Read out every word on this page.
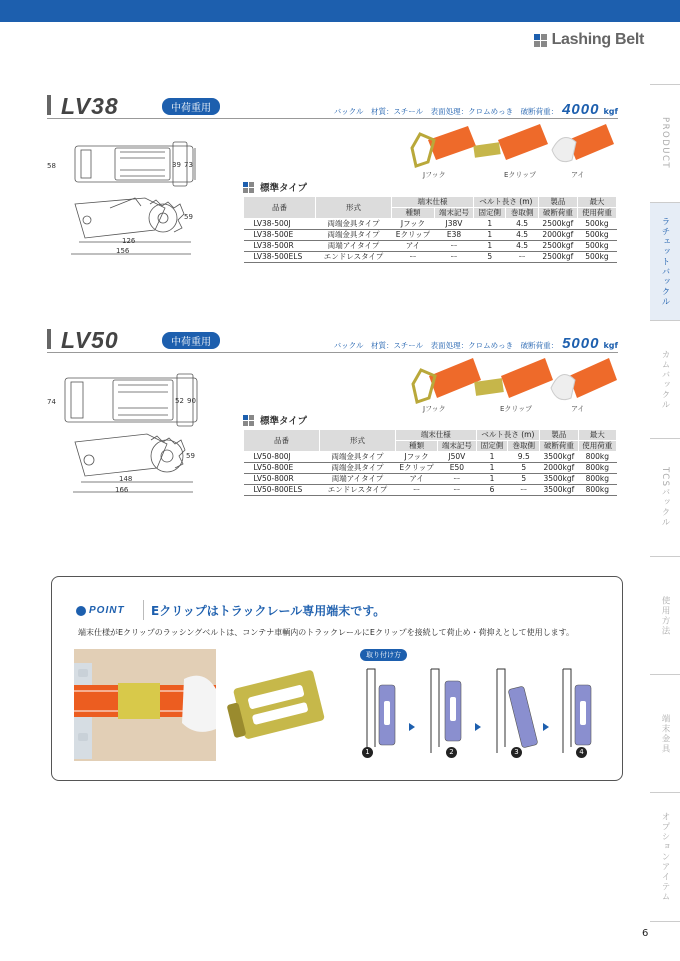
Lashing Belt
PRODUCT
ラチェットバックル
カムバックル
TCSバックル
使用方法
端末金具
オプションアイテム
LV38	中荷重用	バックル　材質：スチール　表面処理：クロムめっき　破断荷重： 4000 kgf
58	39 73
59
126
156
Jフック	Eクリップ	アイ
標準タイプ
品番	形式	端末仕様		ベルト長さ (m)		製品	最大
		種類	端末記号	固定側	巻取側	破断荷重	使用荷重
LV38-500J	両端金具タイプ	Jフック	J38V	1	4.5	2500kgf	500kg
LV38-500E	両端金具タイプ	Eクリップ	E38	1	4.5	2000kgf	500kg
LV38-500R	両端アイタイプ	アイ	ー	1	4.5	2500kgf	500kg
LV38-500ELS	エンドレスタイプ	ー	ー	5	ー	2500kgf	500kg
LV50	中荷重用	バックル　材質：スチール　表面処理：クロムめっき　破断荷重： 5000 kgf
74	52 90
59
148
166
Jフック	Eクリップ	アイ
標準タイプ
品番	形式	端末仕様		ベルト長さ (m)		製品	最大
		種類	端末記号	固定側	巻取側	破断荷重	使用荷重
LV50-800J	両端金具タイプ	Jフック	J50V	1	9.5	3500kgf	800kg
LV50-800E	両端金具タイプ	Eクリップ	E50	1	5	2000kgf	800kg
LV50-800R	両端アイタイプ	アイ	ー	1	5	3500kgf	800kg
LV50-800ELS	エンドレスタイプ	ー	ー	6	ー	3500kgf	800kg
POINT Eクリップはトラックレール専用端末です。
端末仕様がEクリップのラッシングベルトは、コンテナ車輌内のトラックレールにEクリップを接続して荷止め・荷抑えとして使用します。
取り付け方
1	2	3	4
6
